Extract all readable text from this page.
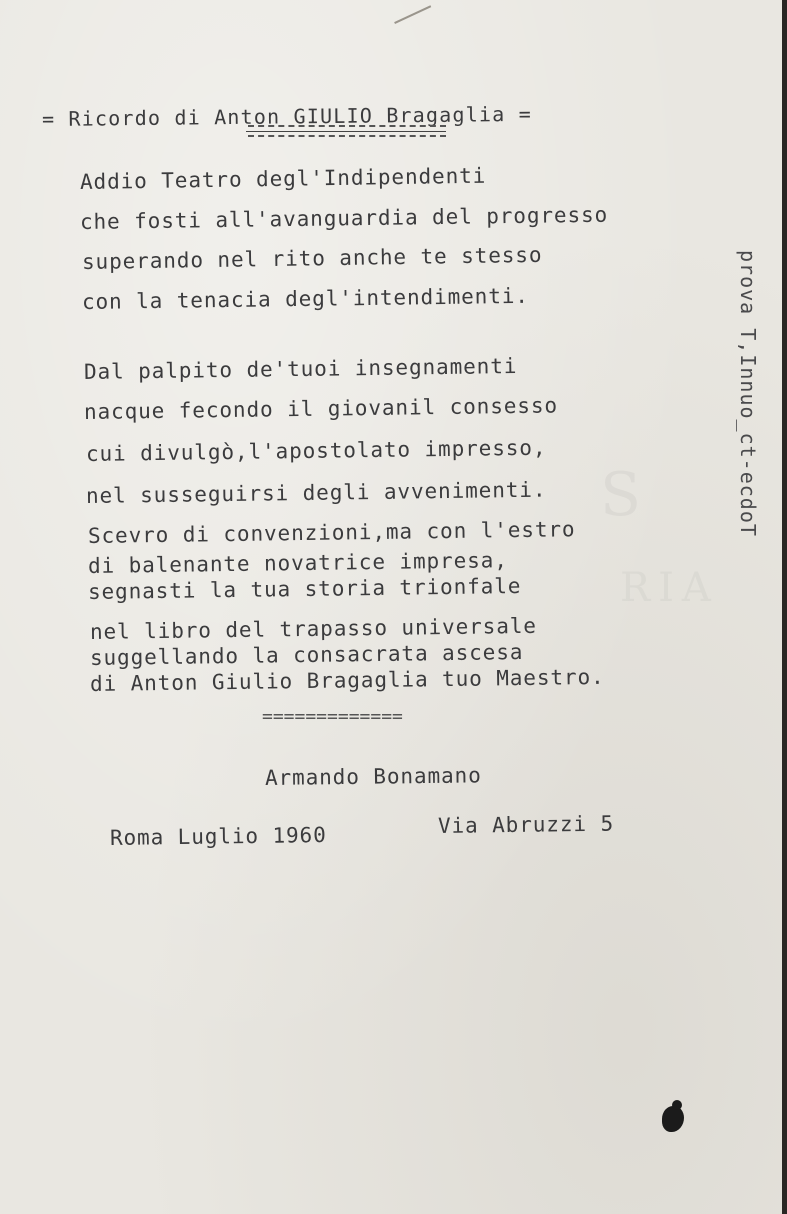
S
RIA
= Ricordo di Anton GIULIO Bragaglia =
Addio Teatro degl'Indipendenti
che fosti all'avanguardia del progresso
superando nel rito anche te stesso
con la tenacia degl'intendimenti.
Dal palpito de'tuoi insegnamenti
nacque fecondo il giovanil consesso
cui divulgò,l'apostolato impresso,
nel susseguirsi degli avvenimenti.
Scevro di convenzioni,ma con l'estro
di balenante novatrice impresa,
segnasti la tua storia trionfale
nel libro del trapasso universale
suggellando la consacrata ascesa
di Anton Giulio Bragaglia tuo Maestro.
=============
Armando Bonamano
Roma Luglio 1960	Via Abruzzi 5
prova T,Innuo_ct-ecdoT
